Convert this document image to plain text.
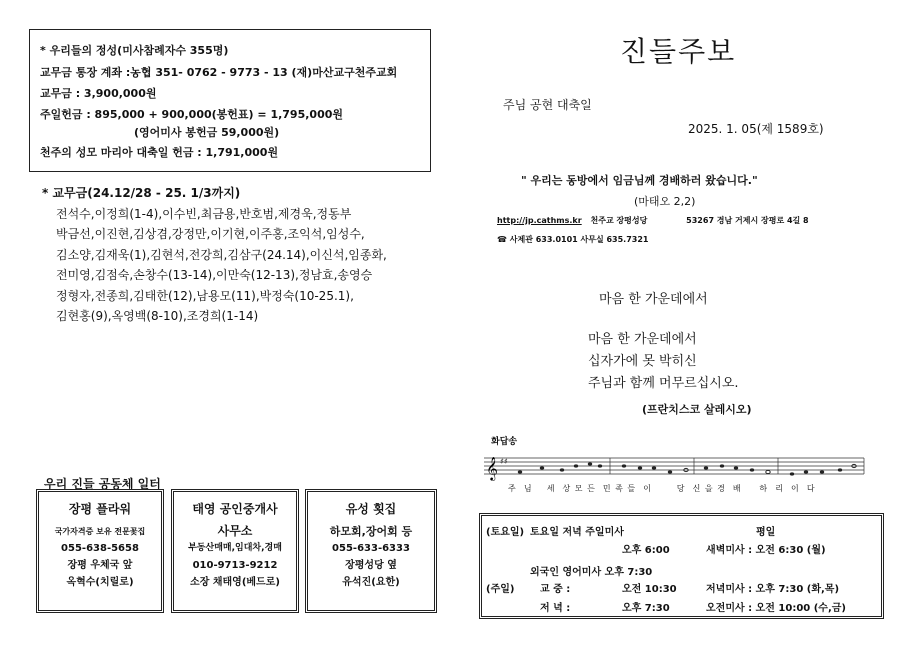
* 우리들의 정성(미사참례자수 355명)
교무금 통장 계좌 :농협 351- 0762 - 9773 - 13 (재)마산교구천주교회
교무금 : 3,900,000원
주일헌금 : 895,000 + 900,000(봉헌표) = 1,795,000원
(영어미사 봉헌금 59,000원)
천주의 성모 마리아 대축일 헌금 : 1,791,000원
* 교무금(24.12/28 - 25. 1/3까지)
전석수,이정희(1-4),이수빈,최금용,반호범,제경욱,정동부
박금선,이진현,김상겸,강정만,이기현,이주홍,조익석,임성수,
김소양,김재욱(1),김현석,전강희,김삼구(24.14),이신석,임종화,
전미영,김점숙,손창수(13-14),이만숙(12-13),정남효,송영승
정형자,전종희,김태한(12),남용모(11),박정숙(10-25.1),
김현홍(9),옥영백(8-10),조경희(1-14)
우리 진들 공동체 일터
장평 플라워
국가자격증 보유 전문꽃집
055-638-5658
장평 우체국 앞
옥혁수(치릴로)
태영 공인중개사
사무소
부동산매매,임대차,경매
010-9713-9212
소장 채태영(베드로)
유성 횟집
하모회,장어회 등
055-633-6333
장평성당 옆
유석진(요한)
진들주보
주님 공현 대축일
2025. 1. 05(제 1589호)
" 우리는 동방에서 임금님께 경배하러 왔습니다."
(마태오 2,2)
http://jp.cathms.kr 천주교 장평성당	53267 경남 거제시 장평로 4길 8
☎ 사제관 633.0101 사무실 635.7321
마음 한 가운데에서
마음 한 가운데에서
십자가에 못 박히신
주님과 함께 머무르십시오.
(프란치스코 살레시오)
화답송
𝄞 ♯♯
주  님    세  상 모 든  민 족 들  이       당  신 을 경  배     하  리  이  다
(토요일) 토요일 저녁 주일미사	평일
오후 6:00	새벽미사 : 오전 6:30 (월)
외국인 영어미사 오후 7:30
(주일)	교 중 :	오전 10:30	저녁미사 : 오후 7:30 (화,목)
저 녁 :	오후 7:30	오전미사 : 오전 10:00 (수,금)
